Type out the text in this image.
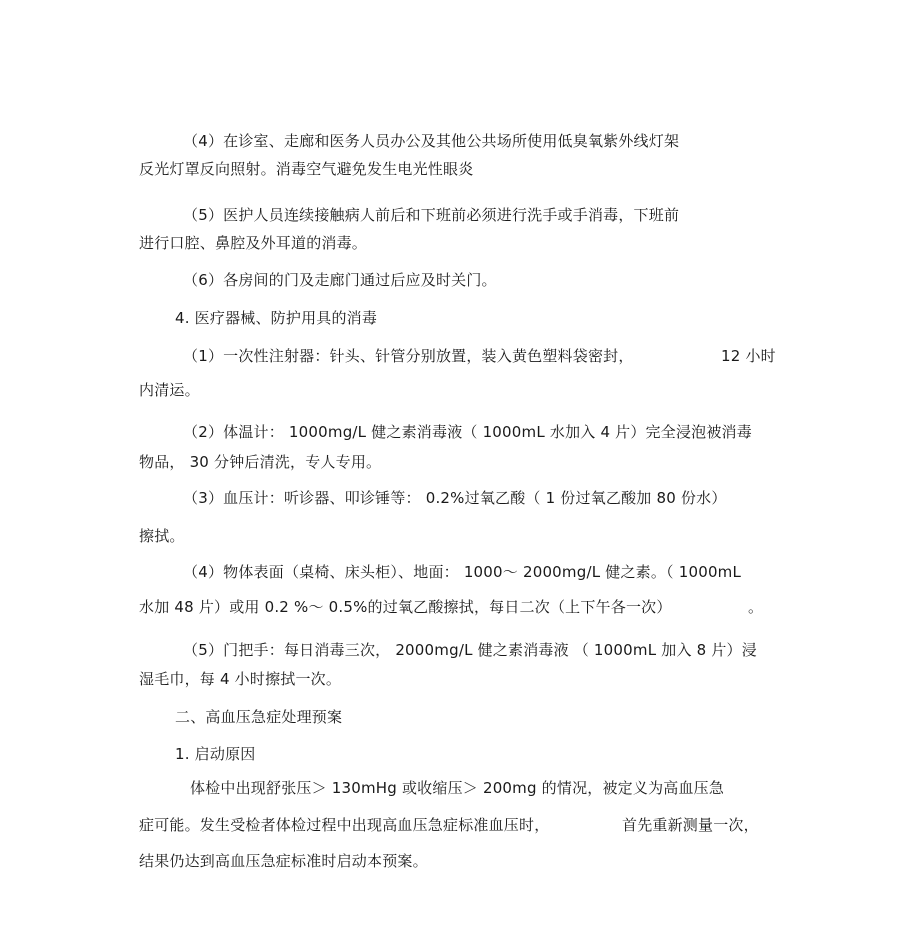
（4）在诊室、走廊和医务人员办公及其他公共场所使用低臭氧紫外线灯架
反光灯罩反向照射。消毒空气避免发生电光性眼炎
（5）医护人员连续接触病人前后和下班前必须进行洗手或手消毒，下班前
进行口腔、鼻腔及外耳道的消毒。
（6）各房间的门及走廊门通过后应及时关门。
4. 医疗器械、防护用具的消毒
（1）一次性注射器：针头、针管分别放置，装入黄色塑料袋密封，	12 小时
内清运。
（2）体温计： 1000mg/L 健之素消毒液（ 1000mL 水加入 4 片）完全浸泡被消毒
物品， 30 分钟后清洗，专人专用。
（3）血压计：听诊器、叩诊锤等： 0.2%过氧乙酸（ 1 份过氧乙酸加 80 份水）
擦拭。
（4）物体表面（桌椅、床头柜）、地面： 1000～ 2000mg/L 健之素。（ 1000mL
水加 48 片）或用 0.2 %～ 0.5%的过氧乙酸擦拭，每日二次（上下午各一次）	。
（5）门把手：每日消毒三次， 2000mg/L 健之素消毒液 （ 1000mL 加入 8 片）浸
湿毛巾，每 4 小时擦拭一次。
二、高血压急症处理预案
1. 启动原因
体检中出现舒张压＞ 130mHg 或收缩压＞ 200mg 的情况，被定义为高血压急
症可能。发生受检者体检过程中出现高血压急症标准血压时，	首先重新测量一次，
结果仍达到高血压急症标准时启动本预案。
